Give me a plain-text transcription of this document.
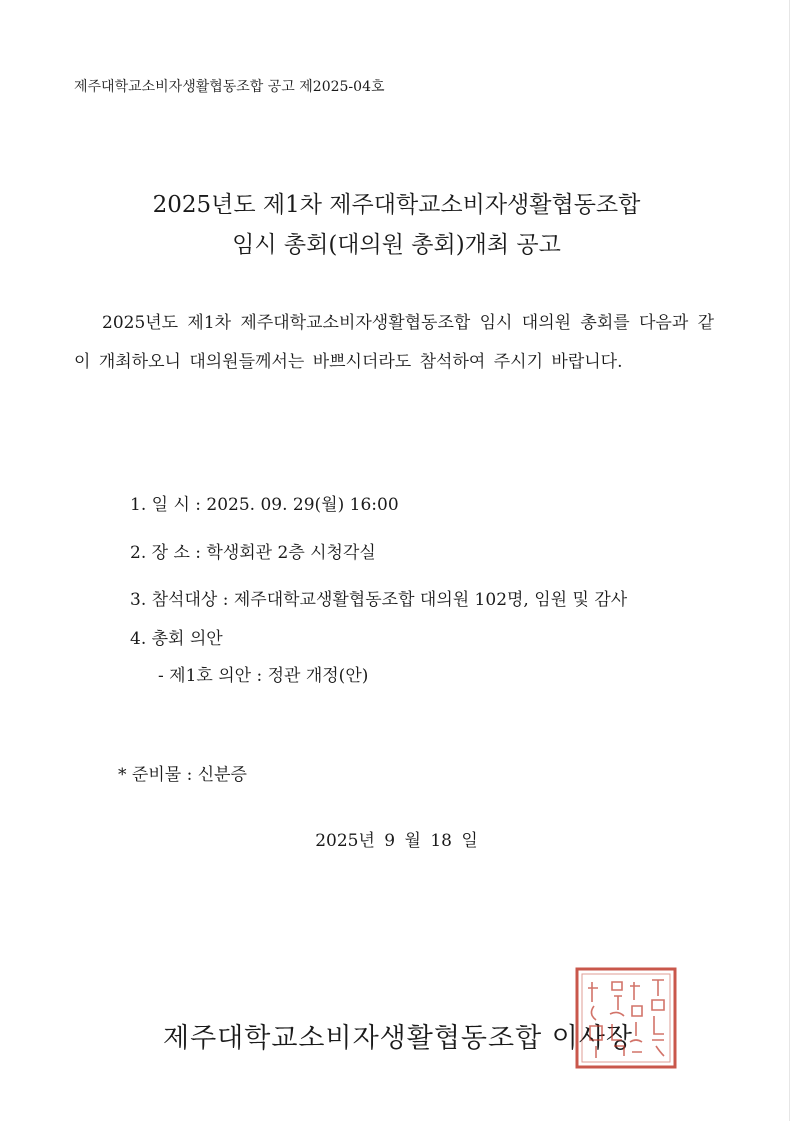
제주대학교소비자생활협동조합 공고 제2025-04호
2025년도 제1차 제주대학교소비자생활협동조합
임시 총회(대의원 총회)개최 공고
2025년도 제1차 제주대학교소비자생활협동조합 임시 대의원 총회를 다음과 같이 개최하오니 대의원들께서는 바쁘시더라도 참석하여 주시기 바랍니다.
1. 일 시 : 2025. 09. 29(월) 16:00
2. 장 소 : 학생회관 2층 시청각실
3. 참석대상 : 제주대학교생활협동조합 대의원 102명, 임원 및 감사
4. 총회 의안
- 제1호 의안 : 정관 개정(안)
* 준비물 : 신분증
2025년 9 월 18 일
제주대학교소비자생활협동조합 이사장
